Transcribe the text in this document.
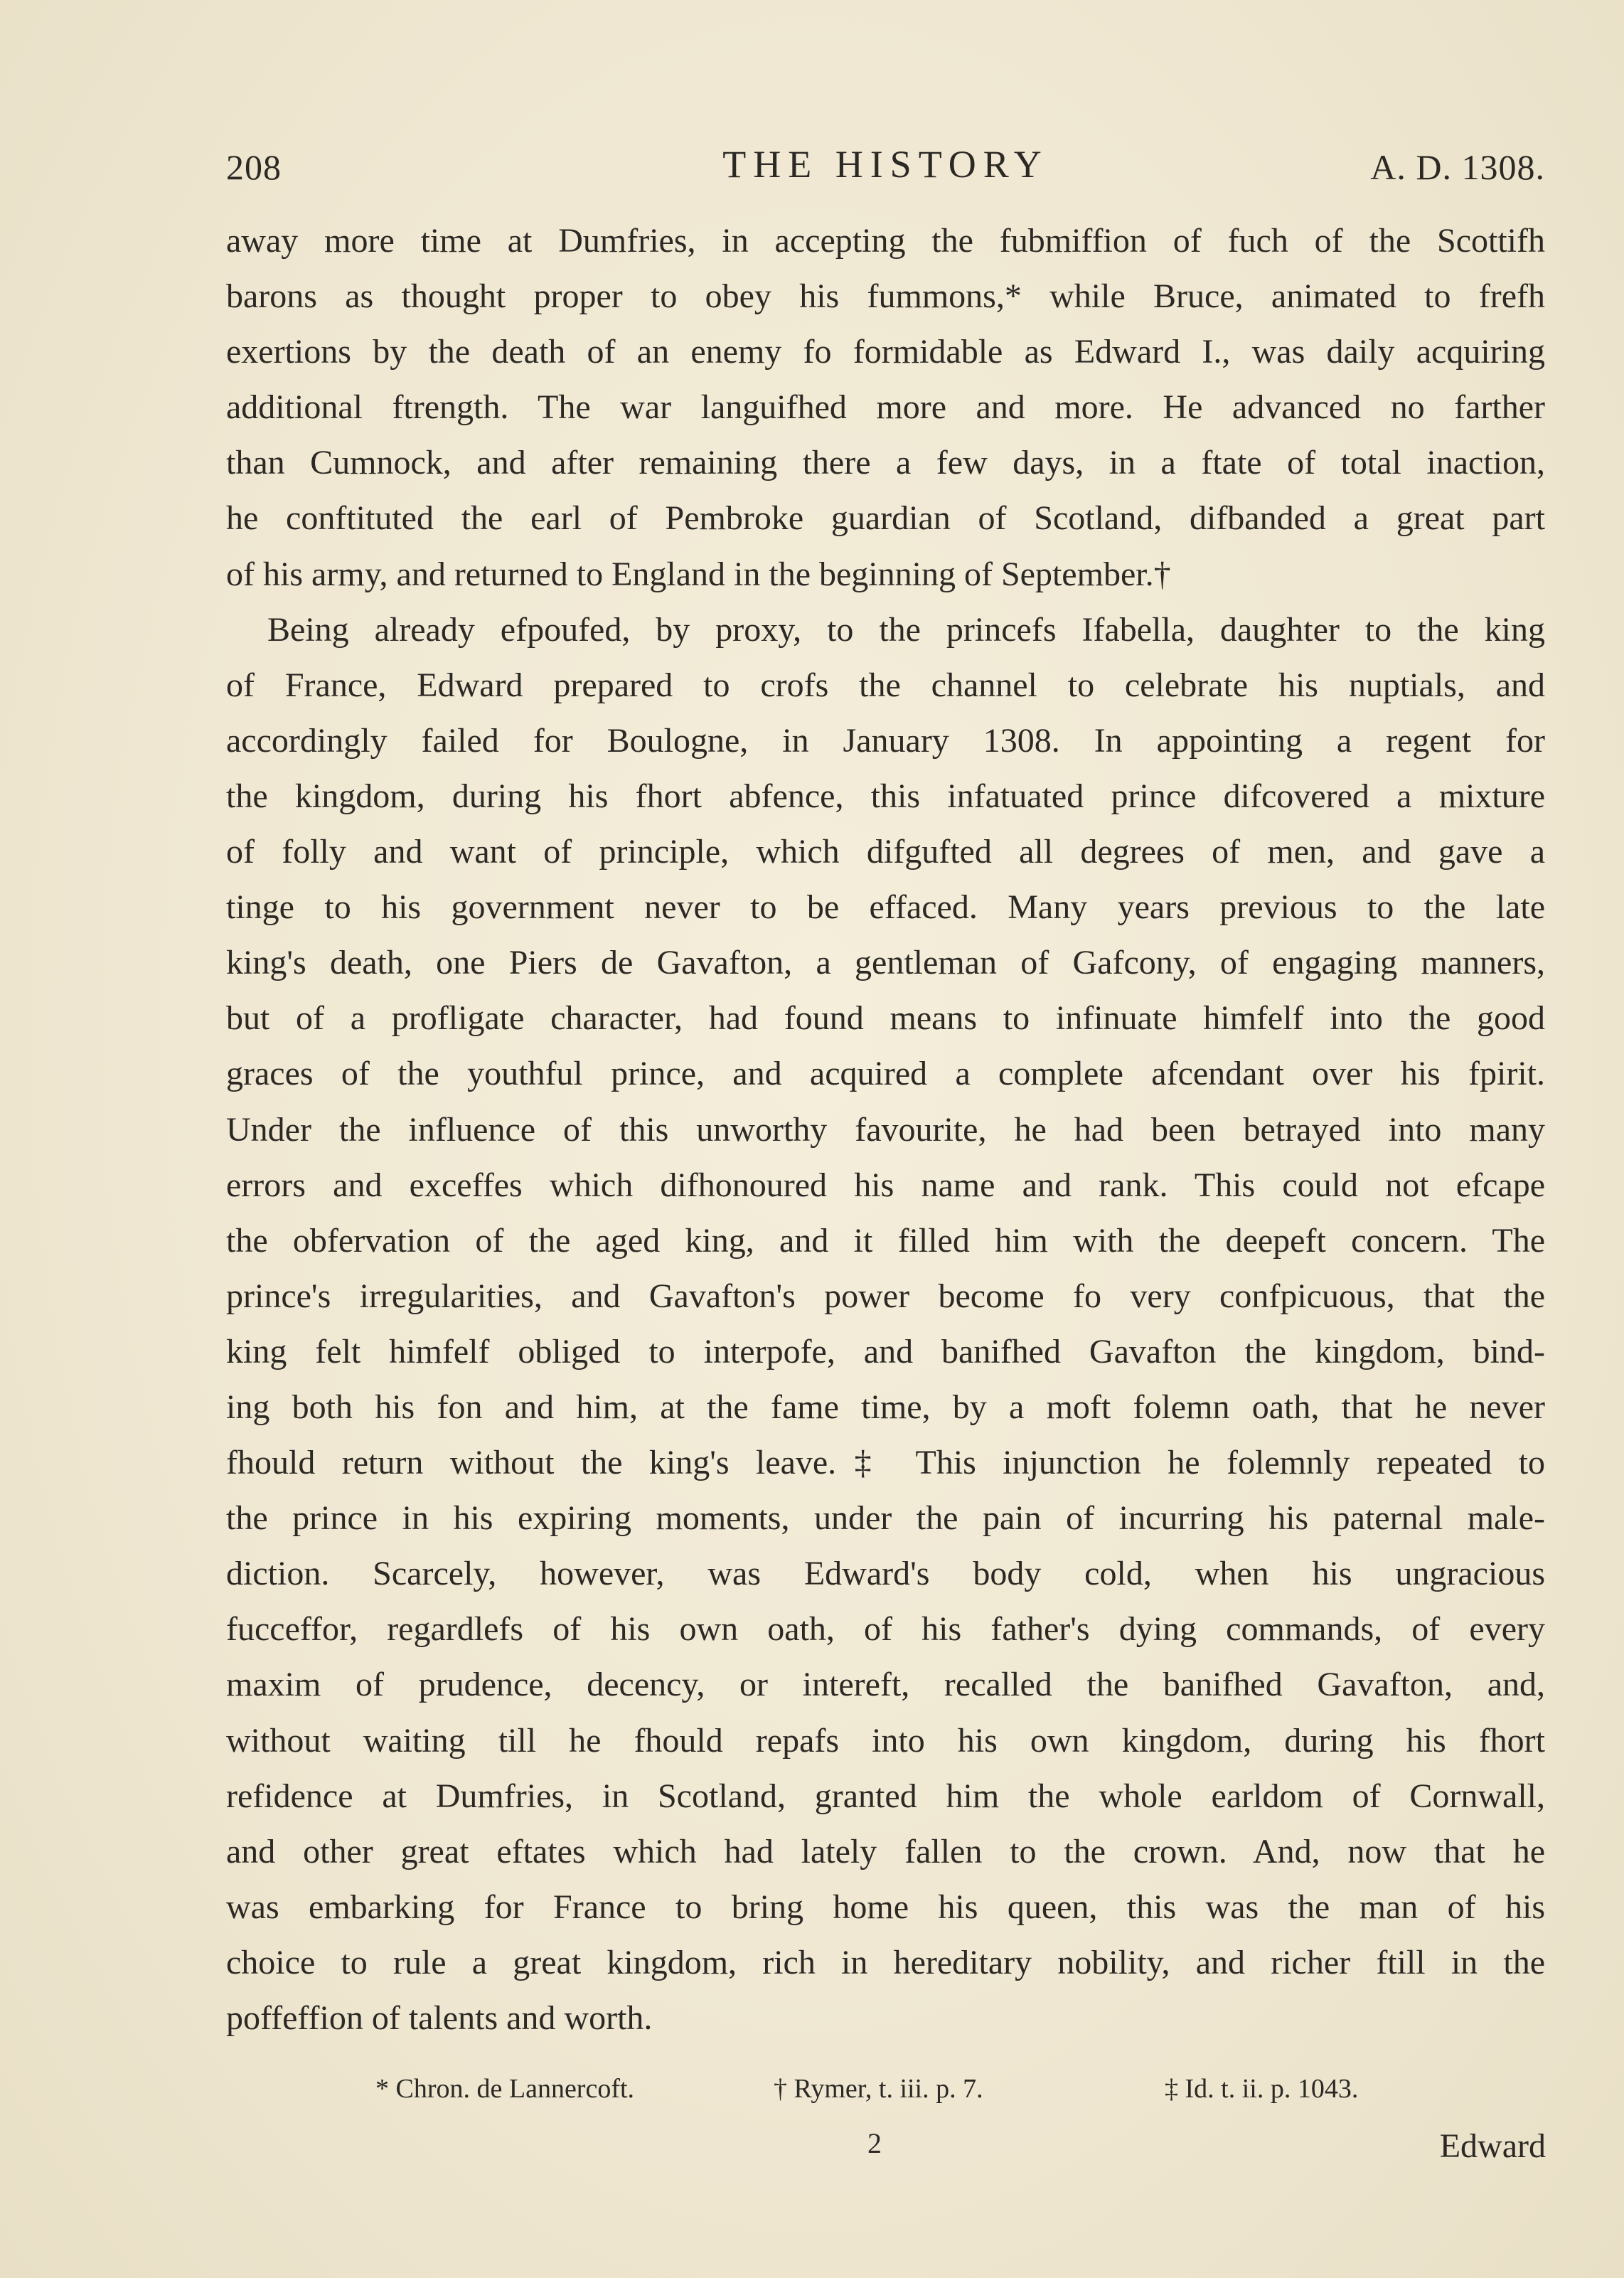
208	THE HISTORY	A. D. 1308.
away more time at Dumfries, in accepting the fubmiffion of fuch of the Scottifh
barons as thought proper to obey his fummons,* while Bruce, animated to frefh
exertions by the death of an enemy fo formidable as Edward I., was daily acquiring
additional ftrength. The war languifhed more and more. He advanced no farther
than Cumnock, and after remaining there a few days, in a ftate of total inaction,
he conftituted the earl of Pembroke guardian of Scotland, difbanded a great part
of his army, and returned to England in the beginning of September.†
Being already efpoufed, by proxy, to the princefs Ifabella, daughter to the king
of France, Edward prepared to crofs the channel to celebrate his nuptials, and
accordingly failed for Boulogne, in January 1308. In appointing a regent for
the kingdom, during his fhort abfence, this infatuated prince difcovered a mixture
of folly and want of principle, which difgufted all degrees of men, and gave a
tinge to his government never to be effaced. Many years previous to the late
king's death, one Piers de Gavafton, a gentleman of Gafcony, of engaging manners,
but of a profligate character, had found means to infinuate himfelf into the good
graces of the youthful prince, and acquired a complete afcendant over his fpirit.
Under the influence of this unworthy favourite, he had been betrayed into many
errors and exceffes which difhonoured his name and rank. This could not efcape
the obfervation of the aged king, and it filled him with the deepeft concern. The
prince's irregularities, and Gavafton's power become fo very confpicuous, that the
king felt himfelf obliged to interpofe, and banifhed Gavafton the kingdom, bind-
ing both his fon and him, at the fame time, by a moft folemn oath, that he never
fhould return without the king's leave.‡ This injunction he folemnly repeated to
the prince in his expiring moments, under the pain of incurring his paternal male-
diction. Scarcely, however, was Edward's body cold, when his ungracious
fucceffor, regardlefs of his own oath, of his father's dying commands, of every
maxim of prudence, decency, or intereft, recalled the banifhed Gavafton, and,
without waiting till he fhould repafs into his own kingdom, during his fhort
refidence at Dumfries, in Scotland, granted him the whole earldom of Cornwall,
and other great eftates which had lately fallen to the crown. And, now that he
was embarking for France to bring home his queen, this was the man of his
choice to rule a great kingdom, rich in hereditary nobility, and richer ftill in the
poffeffion of talents and worth.
* Chron. de Lannercoft.	† Rymer, t. iii. p. 7.	‡ Id. t. ii. p. 1043.
2	Edward
